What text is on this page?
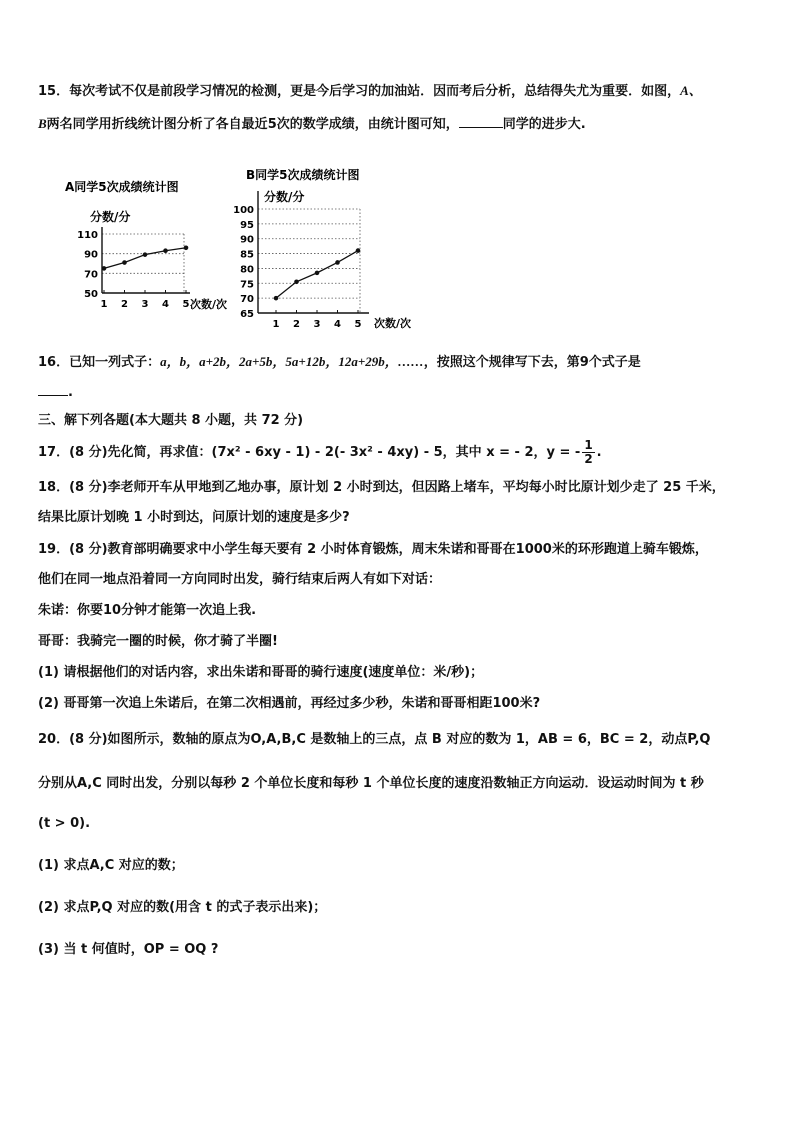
15．每次考试不仅是前段学习情况的检测，更是今后学习的加油站．因而考后分析，总结得失尤为重要．如图，A、
B两名同学用折线统计图分析了各自最近5次的数学成绩，由统计图可知，	同学的进步大.
A同学5次成绩统计图
分数/分
50
70
90
110
1 2 3 4 5 次数/次
B同学5次成绩统计图
分数/分
65
70
75
80
85
90
95
100
1 2 3 4 5 次数/次
16．已知一列式子：a，b，a+2b，2a+5b，5a+12b，12a+29b，……，按照这个规律写下去，第9个式子是
.
三、解下列各题(本大题共 8 小题，共 72 分)
17．(8 分)先化简，再求值：(7x² - 6xy - 1) - 2(- 3x² - 4xy) - 5，其中 x = - 2，y = - $\frac{1}{2}$ .
18．(8 分)李老师开车从甲地到乙地办事，原计划 2 小时到达，但因路上堵车，平均每小时比原计划少走了 25 千米，
结果比原计划晚 1 小时到达，问原计划的速度是多少?
19．(8 分)教育部明确要求中小学生每天要有 2 小时体育锻炼，周末朱诺和哥哥在1000米的环形跑道上骑车锻炼，
他们在同一地点沿着同一方向同时出发，骑行结束后两人有如下对话：
朱诺：你要10分钟才能第一次追上我.
哥哥：我骑完一圈的时候，你才骑了半圈!
(1) 请根据他们的对话内容，求出朱诺和哥哥的骑行速度(速度单位：米/秒)；
(2) 哥哥第一次追上朱诺后，在第二次相遇前，再经过多少秒，朱诺和哥哥相距100米?
20．(8 分)如图所示，数轴的原点为O,A,B,C 是数轴上的三点，点 B 对应的数为 1，AB = 6，BC = 2，动点P,Q
分别从A,C 同时出发，分别以每秒 2 个单位长度和每秒 1 个单位长度的速度沿数轴正方向运动．设运动时间为 t 秒
(t > 0).
(1) 求点A,C 对应的数；
(2) 求点P,Q 对应的数(用含 t 的式子表示出来)；
(3) 当 t 何值时，OP = OQ ?
